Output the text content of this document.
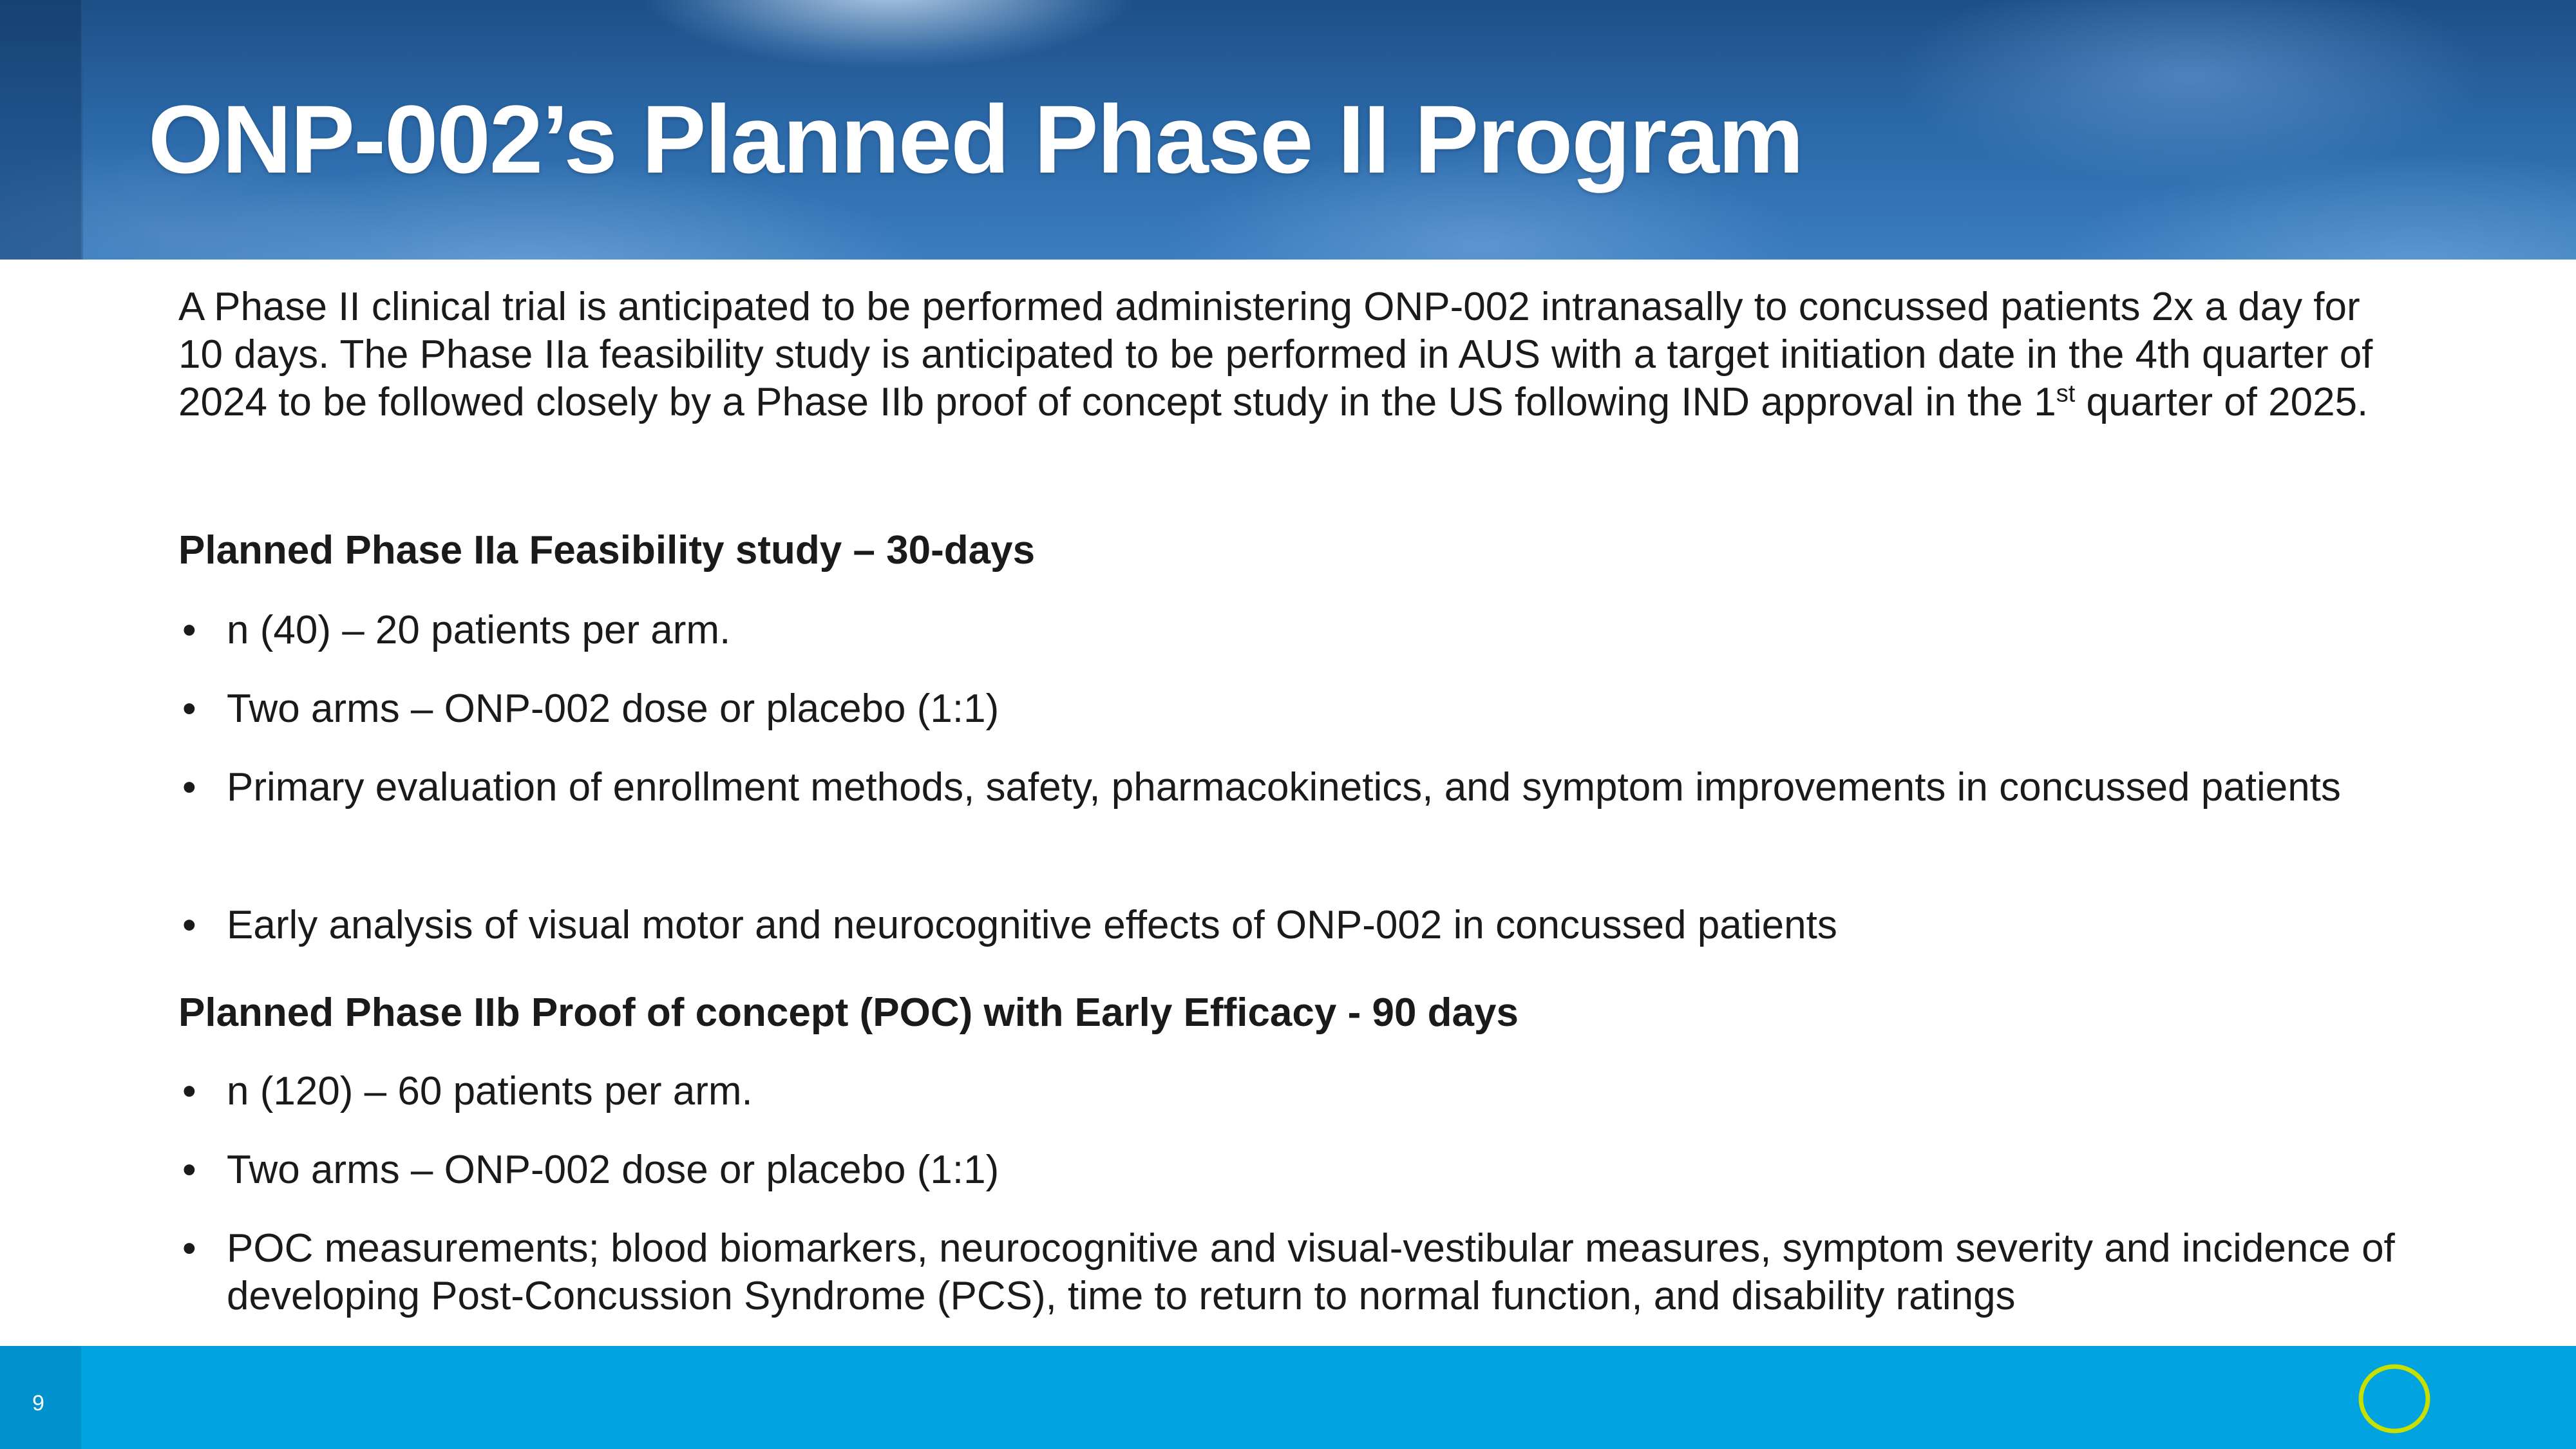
ONP-002’s Planned Phase II Program

A Phase II clinical trial is anticipated to be performed administering ONP-002 intranasally to concussed patients 2x a day for 10 days. The Phase IIa feasibility study is anticipated to be performed in AUS with a target initiation date in the 4th quarter of 2024 to be followed closely by a Phase IIb proof of concept study in the US following IND approval in the 1st quarter of 2025.

Planned Phase IIa Feasibility study – 30-days
• n (40) – 20 patients per arm.
• Two arms – ONP-002 dose or placebo (1:1)
• Primary evaluation of enrollment methods, safety, pharmacokinetics, and symptom improvements in concussed patients
• Early analysis of visual motor and neurocognitive effects of ONP-002 in concussed patients
Planned Phase IIb Proof of concept (POC) with Early Efficacy - 90 days
• n (120) – 60 patients per arm.
• Two arms – ONP-002 dose or placebo (1:1)
• POC measurements; blood biomarkers, neurocognitive and visual-vestibular measures, symptom severity and incidence of developing Post-Concussion Syndrome (PCS), time to return to normal function, and disability ratings
9
